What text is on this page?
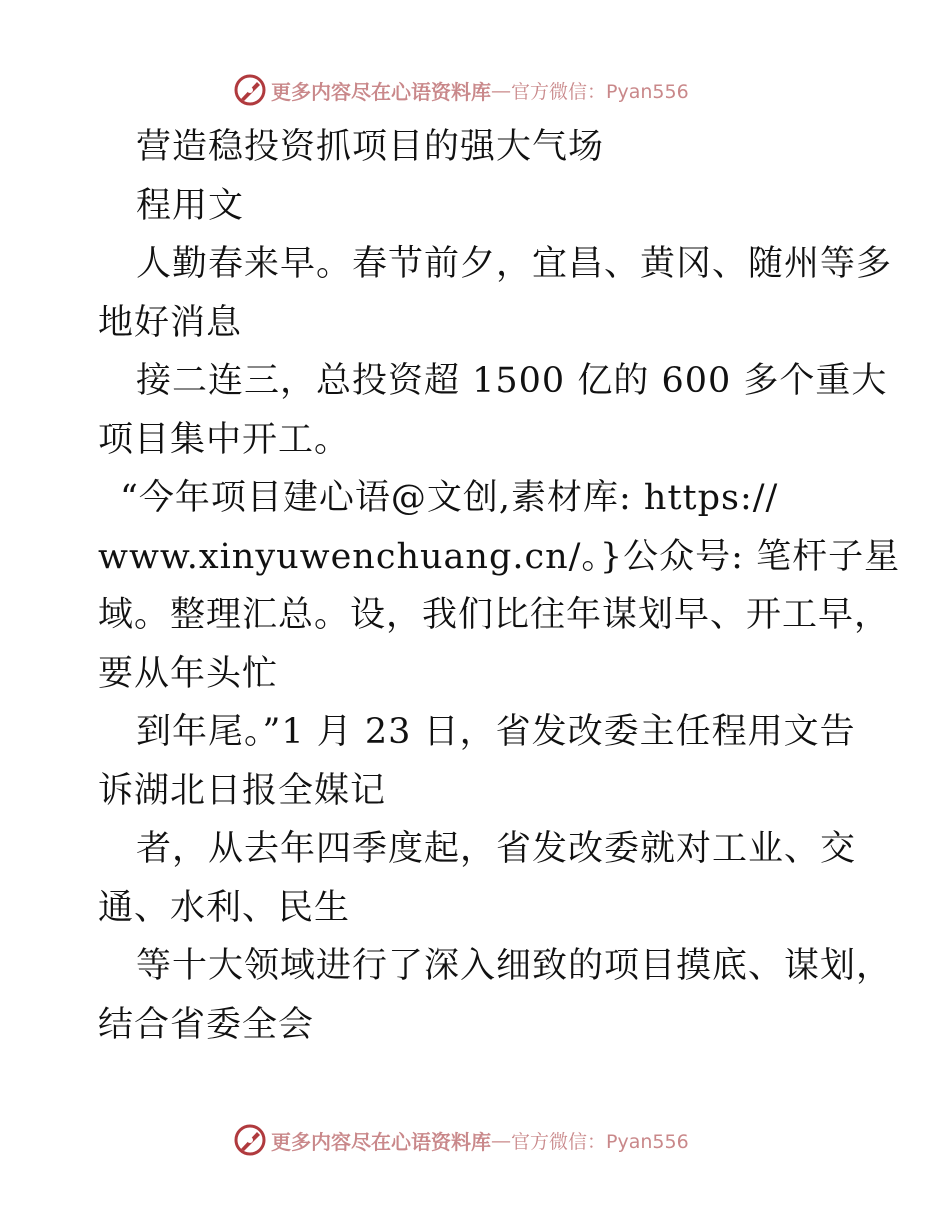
更多内容尽在心语资料库 — 官方微信：Pyan556
营造稳投资抓项目的强大气场
程用文
人勤春来早。春节前夕，宜昌、黄冈、随州等多
地好消息
接二连三，总投资超 1500 亿的 600 多个重大
项目集中开工。
“今年项目建心语@文创,素材库: https://
www.xinyuwenchuang.cn/。}公众号: 笔杆子星
域。整理汇总。设，我们比往年谋划早、开工早，
要从年头忙
到年尾。”1 月 23 日，省发改委主任程用文告
诉湖北日报全媒记
者，从去年四季度起，省发改委就对工业、交
通、水利、民生
等十大领域进行了深入细致的项目摸底、谋划，
结合省委全会
更多内容尽在心语资料库 — 官方微信：Pyan556
